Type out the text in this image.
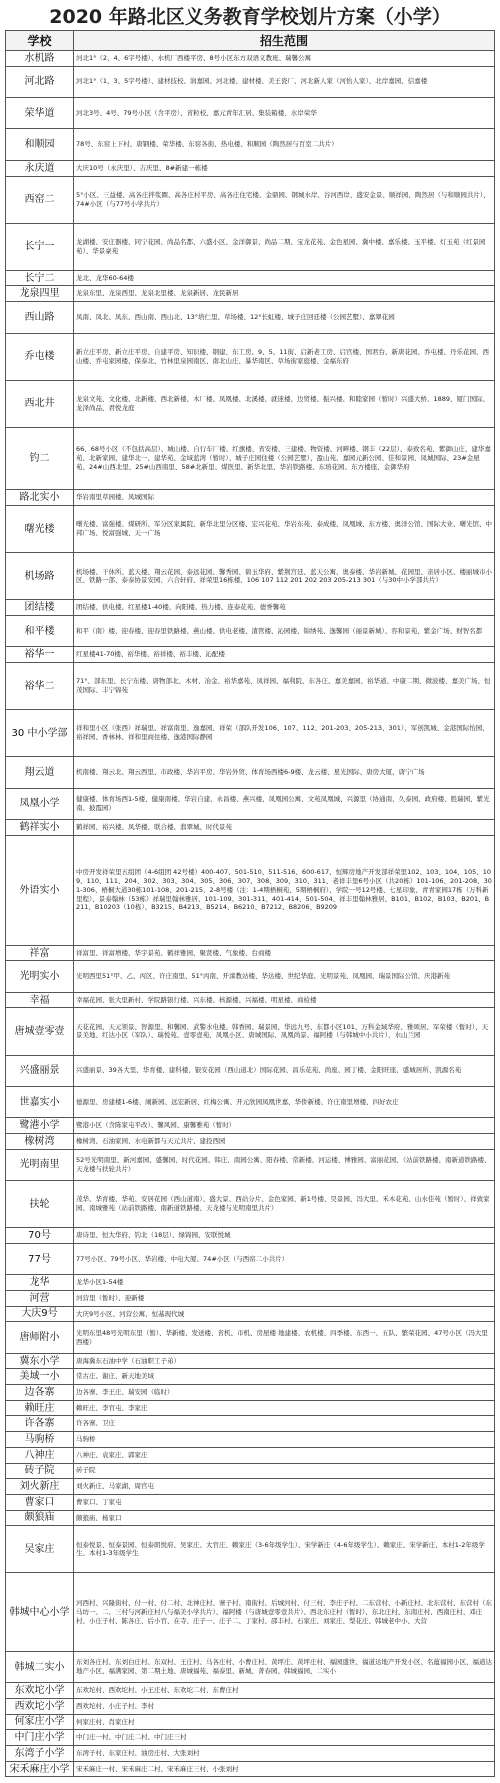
2020 年路北区义务教育学校划片方案（小学）
学校	招生范围
水机路	河北1°（2、4、6字号楼）、水机厂西楼平房、8号小区东方双语义教班、瑞馨公寓

河北路	河北1°（1、3、5字号楼）、建材技校、润嘉园、河北楼、建材楼、美王瓷厂、河北新人家（河怡人家）、北岸嘉园、信嘉楼

荣华道	河北3号、4号、79号小区（含平房）、省粒校、嘉元青年汇居、集装箱楼、水岸荣华

和顺园	78号、东窑上下村、唐钢楼、荣华楼、东窑各街、热电楼、和顺园（陶然居与百室二共片）

永庆道	大庆10号（永庆里）、吉庆里、8#新建一栋楼

西窑二	5°小区、三益楼、高各庄拌浆圈、高各庄村平房、高各庄住宅楼、金鼎园、钢城水岸、谷河西岸、盛安金景、顺祥园、陶然居（与和顺园共片）、74#小区（与77号小学共片）

长宁一	龙湖楼、安庄器楼、同宁花园、尚品名都、六盛小区、金洋御景、尚品二期、宝龙花苑、金色星园、冀中楼、嘉乐楼、玉平楼、灯玉苑（红景园苑）、华景豪苑

长宁二	龙北、龙华60-64楼

龙泉四里	龙泉东里、龙泉西里、龙泉北里楼、龙泉新居、龙民新居

西山路	凤南、凤北、凤东、西山南、西山北、13°培仁里、草场楼、12°长虹楼、城子庄回廷楼（公园艺墅）、嘉翠花园

乔屯楼	新立庄平房、新立庄平房、自建平房、知识楼、钢建、东工房、9、5、11街、启新老工房、启官楼、国君台、新唐花园、乔屯楼、丹乐花园、西山楼、乔屯家园楼、保泰北、竹林里泉园南区、南北山庄、暴华南区、草场街家庭楼、金福东府

西北井	龙泉文苑、文化楼、北新楼、西北新楼、木厂楼、凤凰楼、北溪楼、就迷楼、边贸楼、振兴楼、和睦家园（暂时）兴盛大桥、1889、厦门国际、龙泽尚品、君悦龙庭

钓二	66、68号小区（不包括高层）、城山楼、自行车厂楼、红旗楼、省安楼、三建楼、物资楼、河畔楼、钢丰（22层）、泰致名苑、紫御山庄、建华嘉苑、北新家园、建华北一、建华苑、金域蓝湾（暂时）、城子庄园住楼（公园艺墅）、盈山苑、嘉园元新公园、佳和景园、凤城国际、23#金屋苑、24#山西北里、25#山西南里、58#北新里、煤医里、新华北里、华岩铁路楼、东培花园、东方楼座、金御华府

路北实小	华岩南里草园楼、凤城国际

曙光楼	曙光楼、富强楼、煤研所、军分区家属院、新华北里分区楼、宏兴花苑、华岩东苑、泰成楼、凤凰城、东方楼、奥洋公馆、国际大业、曙光馆、中邦广场、悦富强城、天一广场

机场路	机场楼、干休所、蓝天楼、翔云花园、泰远花园、馨秀园、碧玉华府、紫荆宫廷、蓝天公寓、奥泰楼、华岩新城、花园里、亲居小区、楼丽城市小区、铁路一部、泰泰协景安园、六合轩府、祥荣里16栋楼、106 107 112 201 202 203 205-213 301（与30中小学部共片）

团结楼	团结楼、供电楼、红星楼1-40楼、向阳楼、热力楼、连泰花苑、德誉馨苑

和平楼	和平（南）楼、迎春楼、迎春里铁路楼、燕山楼、供电老楼、渣管楼、沁园楼、锦绣苑、逸馨园（丽景新城）、容和景苑、紫金广场、财智名都

裕华一	红星楼41-70楼、裕华楼、裕祥楼、裕丰楼、沁配楼

裕华二	71°、部东里、长宁东楼、唐物部北、木材、冶金、裕华嘉苑、凤祥园、福利院、东各庄、嘉美嘉园、裕华道、中康二期、微波楼、嘉美广场、恒茂国际、丰宁锦苑

30 中小学部	祥和里小区（张西）祥瑞里、祥富南里、逸嘉园、祥荣（部队开发106、107、112、201-203、205-213、301）、军创凯城、金港国际怡园、裕祥园、香林林、祥和里商住楼、逸港国际静园

翔云道	机南楼、翔云北、翔云西里、市政楼、华岩平房、华岩外贸、体育场西楼6-9楼、龙云楼、星光国际、唐房大厦、唐宁广场

凤凰小学	健康楼、体育场西1-5楼、健康南楼、华岩自建、永昌楼、燕兴楼、凤凰园公寓、文苑凤凰城、兴源里（协通南、久泰园、政府楼、胜瑞园、紫光南、披霞园）

鹤祥实小	鹤祥园、裕兴楼、凤华楼、联合楼、翡翠城、时代景苑

外语实小	中房开发祥荣里五组团（4-6组团 42号楼）400-407、501-510、511-516、600-617、恒辉房地产开发部祥荣里102、103、104、105、109、110、111、204、302、303、304、305、306、307、308、309、310、311、老祥丰里6号小区（共20栋）101-106、201-208、301-306、梧桐大道30栋101-108、201-215、2-8号楼（注：1-4期梧桐苑、5期梧桐府）、学院一号12号楼、七星印象、青青家园17栋（万科新里程）、景泰翰林（53栋）祥瑞里翰林雅居、101-109、301-311、401-414、501-504、祥丰里翰林雅居、B101、B102、B103、B201、B211、B10203（10栋）、B3215、B4213、B5214、B6210、B7212、B8206、B9209

祥富	祥富里、祥富增楼、华宇景苑、鹤祥雅园、聚贤楼、气象楼、台商楼

光明实小	光明西里51°甲、乙、丙区、许庄南里、51°丙南、开滦教站楼、华达楼、世纪华庭、光明景苑、凤凰园、瑞景国际公馆、庆港新苑

幸福	幸福花园、张大里新村、学院路银行楼、兴东楼、核源楼、兴福楼、明星楼、商检楼

唐城壹零壹	天花花园、天元领景、智源里、和馨园、武警水电楼、韩香园、瑞景园、华远九号、东都小区101、万科金域华府、雅颂居、军荣楼（暂时）、天景美地、红达小区（军队）、瑞悦苑、壹零壹苑、凤凰小区、唐城国际、凤凰尚景、福阿楼（与韩城中小共片）、水山兰园

兴盛丽景	兴盛丽景、39各大里、华育楼、建科楼、银安花园（西山道北）国际花园、昌乐花苑、尚座、园丁楼、金阳旺座、盛城居所、凯源名苑

世嘉实小	德源里、房建楼1-6楼、闹新园、远宏新居、红梅公寓、开元欣园凤凰世嘉、华侨新楼、许庄南里增楼、四好农庄

鹭港小学	鹭港小区（含陈家屯平改）、馨风园、康馨雅苑（暂时）

橡树湾	橡树湾、石油家园、水电新都与天元共片、建投西园

光明南里	52号光明南里、新河嘉园、盛馨园、时代花园、韩庄、南园公寓、阳春楼、常新楼、河运楼、博雅园、富丽花园、（站前铁路楼、南新道铁路楼、天龙楼与扶轮共片）

扶轮	茂华、华育楼、华苑、安居花园（西山道南）、盛大景、西站分片、金色家园、新1号楼、昊景园、冯大里、禾木花苑、山水佳苑（暂时）、祥致家园、南城雅苑（站前铁路楼、南新道铁路楼、天龙楼与光明南里共片）

70号	唐诗里、恒大华府、钓北（18层）、绿锦园、安联悦城

77号	77号小区、79号小区、华岩楼、中电大厦、74#小区（与西窑二小共片）

龙华	龙华小区1-54楼

河营	河营里（暂时）、迎新楼

大庆9号	大庆9号小区、河营公寓、恒基现代城

唐师附小	光明东里48号光明东里（暂）、华新楼、发送楼、省机、市机、房屋楼 地建楼、农机楼、四季楼、东西一、五队、繁荣花园、47号小区（冯大里西楼）

冀东小学	唐海冀东石油中学（石油职工子弟）

美域一小	常古庄、谢庄、新天地美域

边各寨	边各寨、李王庄、瑞安园（临时）

赖旺庄	赖旺庄、李官屯、李家庄

许各寨	许各寨、卫庄

马驹桥	马驹桥

八神庄	八神庄、袁家庄、郭家庄

砖子院	砖子院

刘火新庄	刘火新庄、马家湖、周官屯

曹家口	曹家口、丁家屯

颇狼庙	颇狼庙、杨家口

吴家庄	恒泰悦景、恒泰景园、恒泰朗悦府、吴家庄、大官庄、赖家庄（3-6年级学生）、宋学新庄（4-6年级学生）、赖家庄、宋学新庄、本村1-2年级学生、本村1-3年级学生

韩城中心小学	河西村、兴隆街村、付一村、付二村、北神庄村、寨子村、南街村、后城河村、付三村、李庄子村、二东营村、小新庄村、北东营村、东营村（东马坊一、二、三村与河新庄村八与福美小学共片）、福阿楼（与唐城壹零壹共片）、西北东庄村（暂时）、东北庄村、东南庄村、西南庄村、邓庄村、小庄子村、陈各庄、后小官、在寺、庄子一、庄子二、丁家村、邵丰村、石家庄、刘家庄、梨花庄、韩城老中小、大营

韩城二实小	东刘各庄村、东刘白庄村、东双村、王庄村、马各庄村、小曹庄村、黄坪庄、黄坪庄村、福园盛世、福道达地产开发小区、名蕴福园小区、福道达地产小区、福满家园、第二期土地、唐城福苑、福泰里、新城、菁春园、韩城福园、二实小

东欢坨小学	东欢坨村、西欢坨村、小王庄村、东欢坨二村、东曹庄村

西欢坨小学	西欢坨村、小庄子村、李村

何家庄小学	何家庄村、肖家庄村

中门庄小学	中门庄一村、中门庄二村、中门庄三村

东湾子小学	东湾子村、东家庄村、油房庄村、大张刘村

宋禾麻庄小学	宋禾麻庄一村、宋禾麻庄二村、宋禾麻庄三村、小张刘村
